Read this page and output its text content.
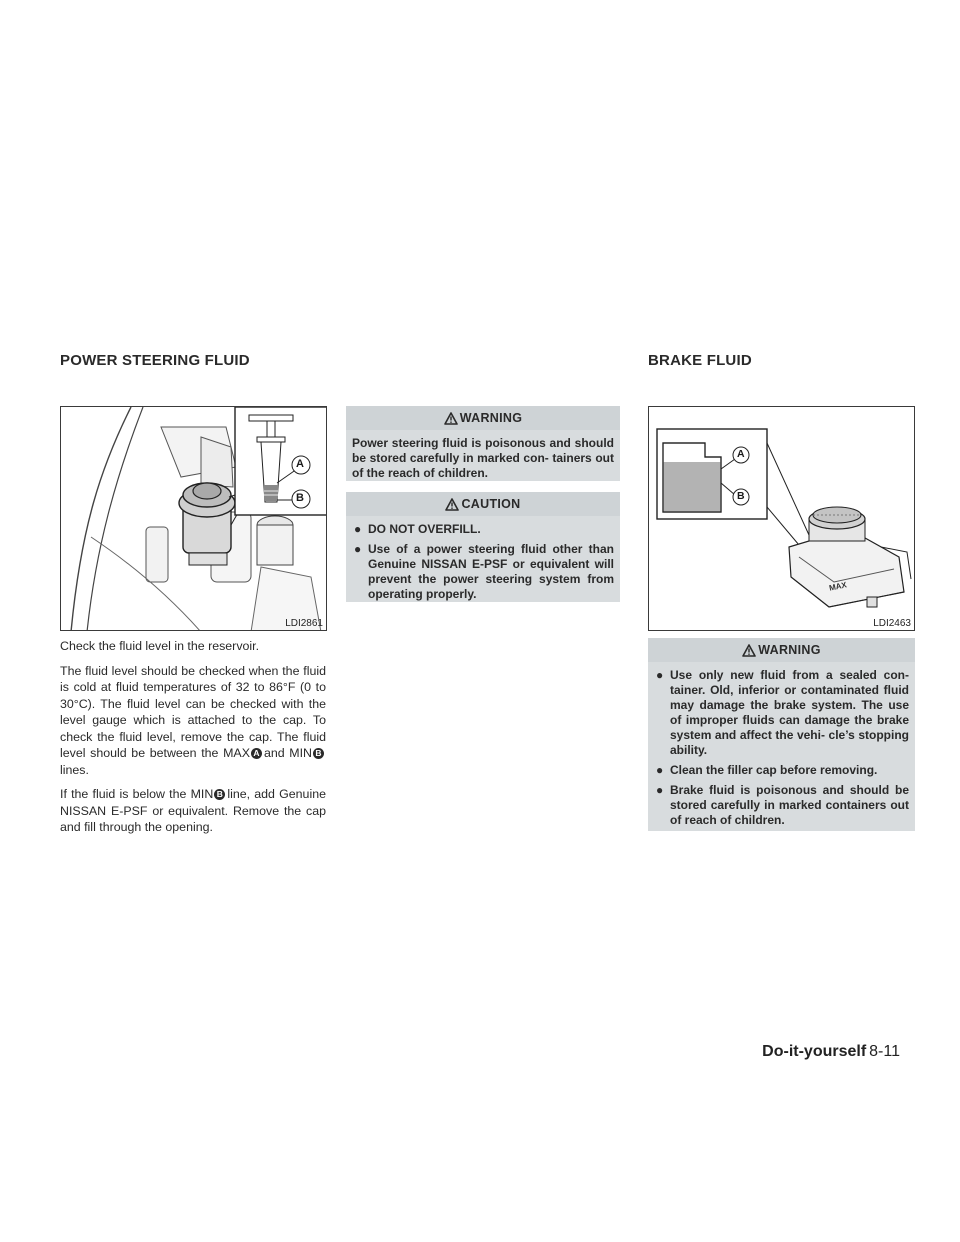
POWER STEERING FLUID	BRAKE FLUID
A
B
LDI2861

Check the fluid level in the reservoir.

The fluid level should be checked when the fluid is cold at fluid temperatures of 32 to 86°F (0 to 30°C). The fluid level can be checked with the level gauge which is attached to the cap. To check the fluid level, remove the cap. The fluid level should be between the MAX A and MIN B lines.

If the fluid is below the MIN B line, add Genuine NISSAN E-PSF or equivalent. Remove the cap and fill through the opening.

WARNING

Power steering fluid is poisonous and should be stored carefully in marked con- tainers out of the reach of children.

CAUTION
● DO NOT OVERFILL.
● Use of a power steering fluid other than Genuine NISSAN E-PSF or equivalent will prevent the power steering system from operating properly.
A
B
MAX
LDI2463
WARNING
● Use only new fluid from a sealed con- tainer. Old, inferior or contaminated fluid may damage the brake system. The use of improper fluids can damage the brake system and affect the vehi- cle’s stopping ability.
● Clean the filler cap before removing.
● Brake fluid is poisonous and should be stored carefully in marked containers out of reach of children.
Do-it-yourself 8-11
